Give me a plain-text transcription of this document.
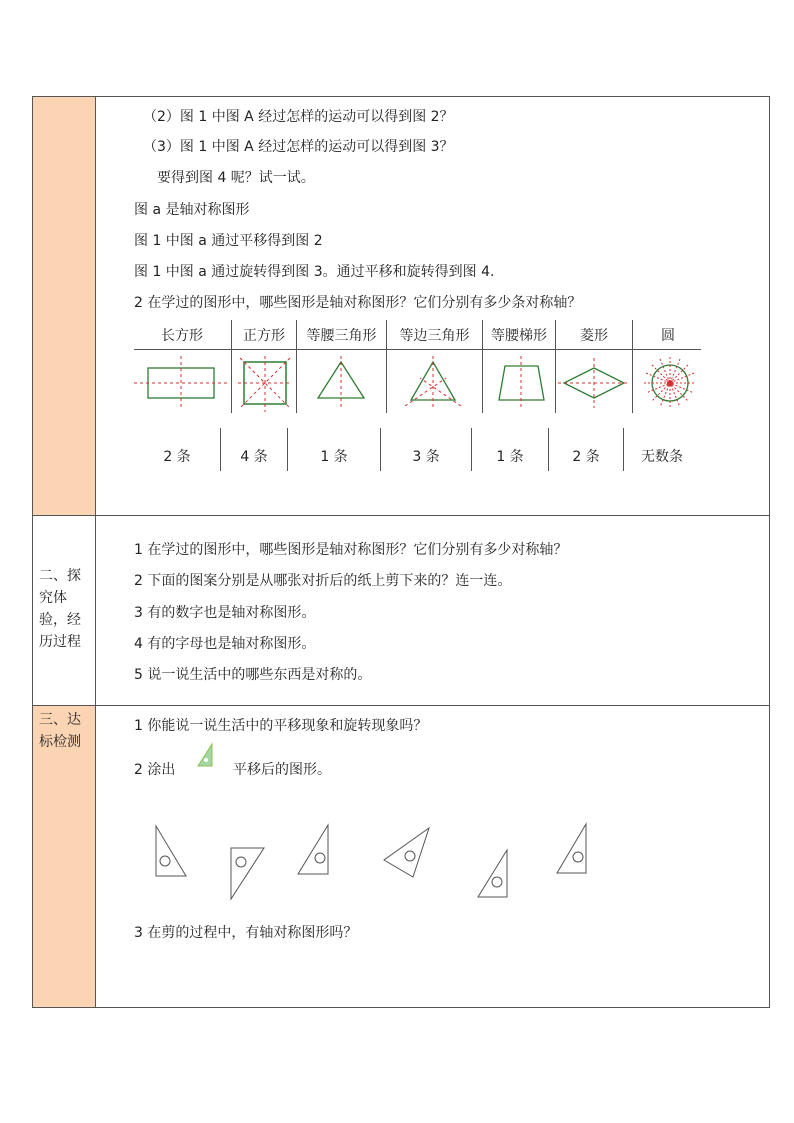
二、探究体验，经历过程
三、达标检测
（2）图 1 中图 A 经过怎样的运动可以得到图 2？
（3）图 1 中图 A 经过怎样的运动可以得到图 3？
要得到图 4 呢？试一试。
图 a 是轴对称图形
图 1 中图 a 通过平移得到图 2
图 1 中图 a 通过旋转得到图 3。通过平移和旋转得到图 4.
2 在学过的图形中，哪些图形是轴对称图形？它们分别有多少条对称轴？
长方形	正方形	等腰三角形	等边三角形	等腰梯形	菱形	圆
2 条	4 条	1 条	3 条	1 条	2 条	无数条
1 在学过的图形中，哪些图形是轴对称图形？它们分别有多少对称轴？
2 下面的图案分别是从哪张对折后的纸上剪下来的？连一连。
3 有的数字也是轴对称图形。
4 有的字母也是轴对称图形。
5 说一说生活中的哪些东西是对称的。
1 你能说一说生活中的平移现象和旋转现象吗？
2 涂出	平移后的图形。
3 在剪的过程中，有轴对称图形吗？
